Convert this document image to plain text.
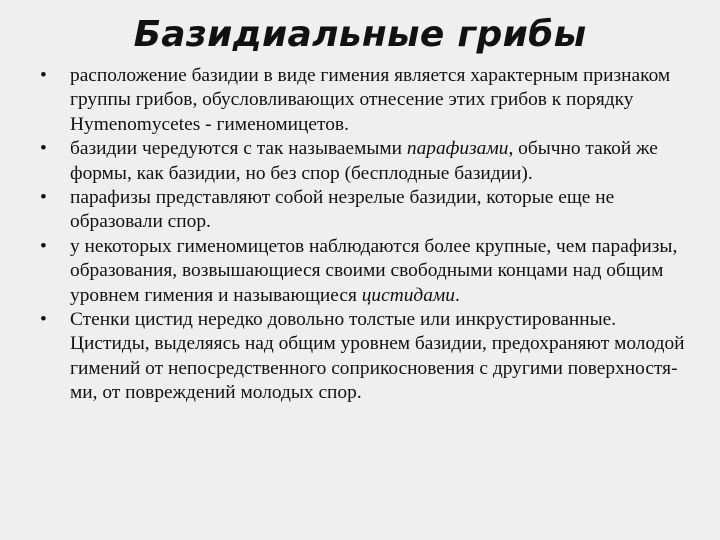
Базидиальные грибы
• расположение базидии в виде гимения является характерным признаком группы грибов, обусловливающих отнесение этих грибов к порядку Hymenomycetes - гименомицетов.
• базидии чередуются с так называемыми парафизами, обычно такой же формы, как базидии, но без спор (бесплодные базидии).
• парафизы представляют собой незрелые базидии, которые еще не образовали спор.
• у некоторых гименомицетов наблюдаются более крупные, чем парафизы, образования, возвышающиеся своими свободными концами над общим уровнем гимения и называющиеся цистидами.
• Стенки цистид нередко довольно толстые или инкрустированные. Цистиды, выделяясь над общим уровнем базидии, предохраняют молодой гимений от непосредственного соприкосновения с другими поверхностя-ми, от повреждений молодых спор.
